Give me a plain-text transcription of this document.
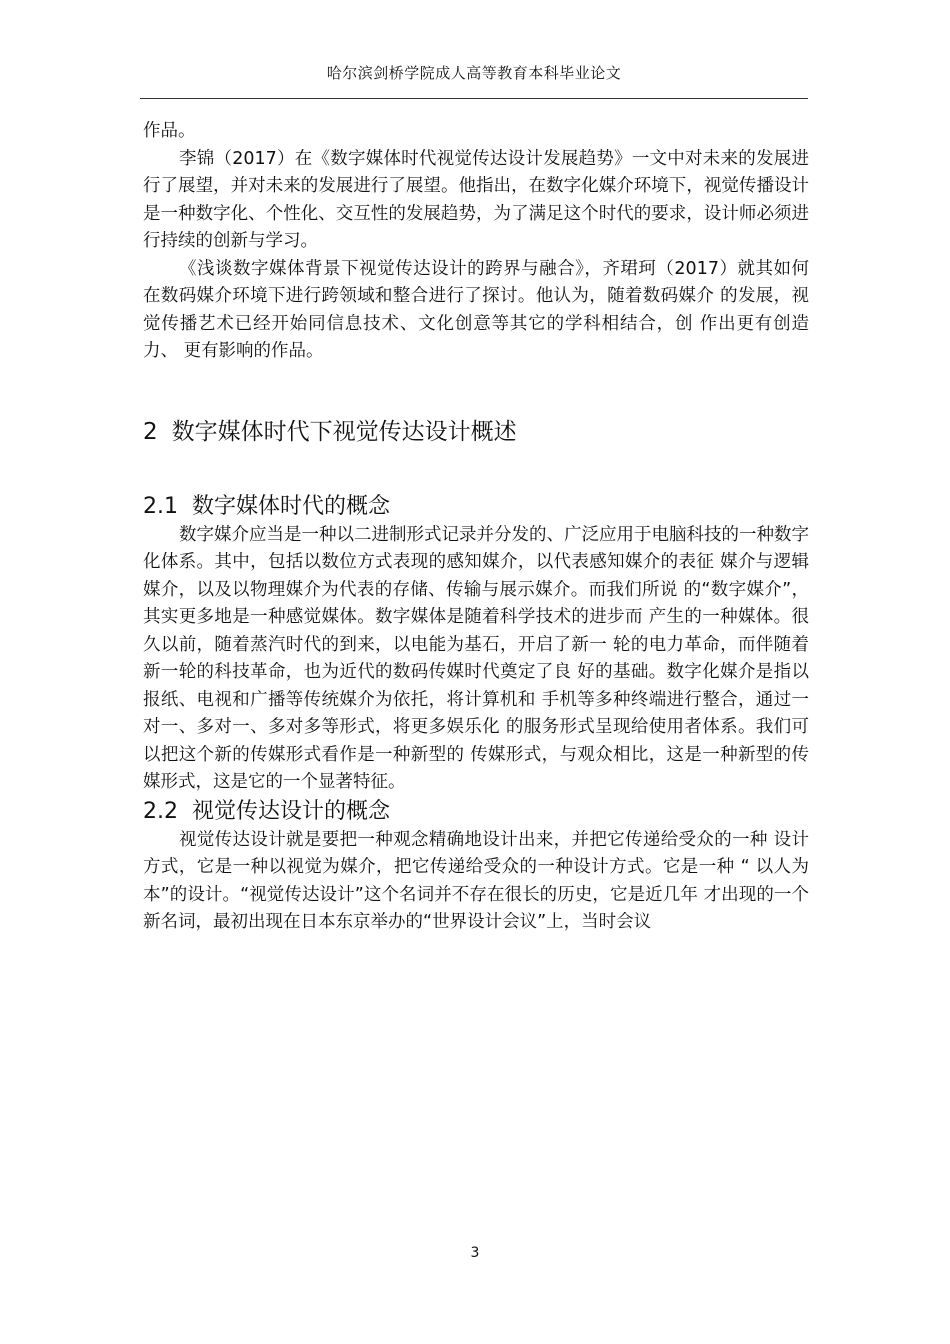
哈尔滨剑桥学院成人高等教育本科毕业论文

作品。

李锦（2017）在《数字媒体时代视觉传达设计发展趋势》一文中对未来的发展进行了展望，并对未来的发展进行了展望。他指出，在数字化媒介环境下，视觉传播设计是一种数字化、个性化、交互性的发展趋势，为了满足这个时代的要求，设计师必须进行持续的创新与学习。

《浅谈数字媒体背景下视觉传达设计的跨界与融合》，齐珺珂（2017）就其如何在数码媒介环境下进行跨领域和整合进行了探讨。他认为，随着数码媒介 的发展，视觉传播艺术已经开始同信息技术、文化创意等其它的学科相结合，创 作出更有创造力、 更有影响的作品。

2 数字媒体时代下视觉传达设计概述
2.1 数字媒体时代的概念

数字媒介应当是一种以二进制形式记录并分发的、广泛应用于电脑科技的一种数字化体系。其中，包括以数位方式表现的感知媒介，以代表感知媒介的表征 媒介与逻辑媒介，以及以物理媒介为代表的存储、传输与展示媒介。而我们所说 的“数字媒介”，其实更多地是一种感觉媒体。数字媒体是随着科学技术的进步而 产生的一种媒体。很久以前，随着蒸汽时代的到来，以电能为基石，开启了新一 轮的电力革命，而伴随着新一轮的科技革命，也为近代的数码传媒时代奠定了良 好的基础。数字化媒介是指以报纸、电视和广播等传统媒介为依托，将计算机和 手机等多种终端进行整合，通过一对一、多对一、多对多等形式，将更多娱乐化 的服务形式呈现给使用者体系。我们可以把这个新的传媒形式看作是一种新型的 传媒形式，与观众相比，这是一种新型的传媒形式，这是它的一个显著特征。

2.2 视觉传达设计的概念

视觉传达设计就是要把一种观念精确地设计出来，并把它传递给受众的一种 设计方式，它是一种以视觉为媒介，把它传递给受众的一种设计方式。它是一种 “ 以人为本”的设计。“视觉传达设计”这个名词并不存在很长的历史，它是近几年 才出现的一个新名词，最初出现在日本东京举办的“世界设计会议”上，当时会议

3
